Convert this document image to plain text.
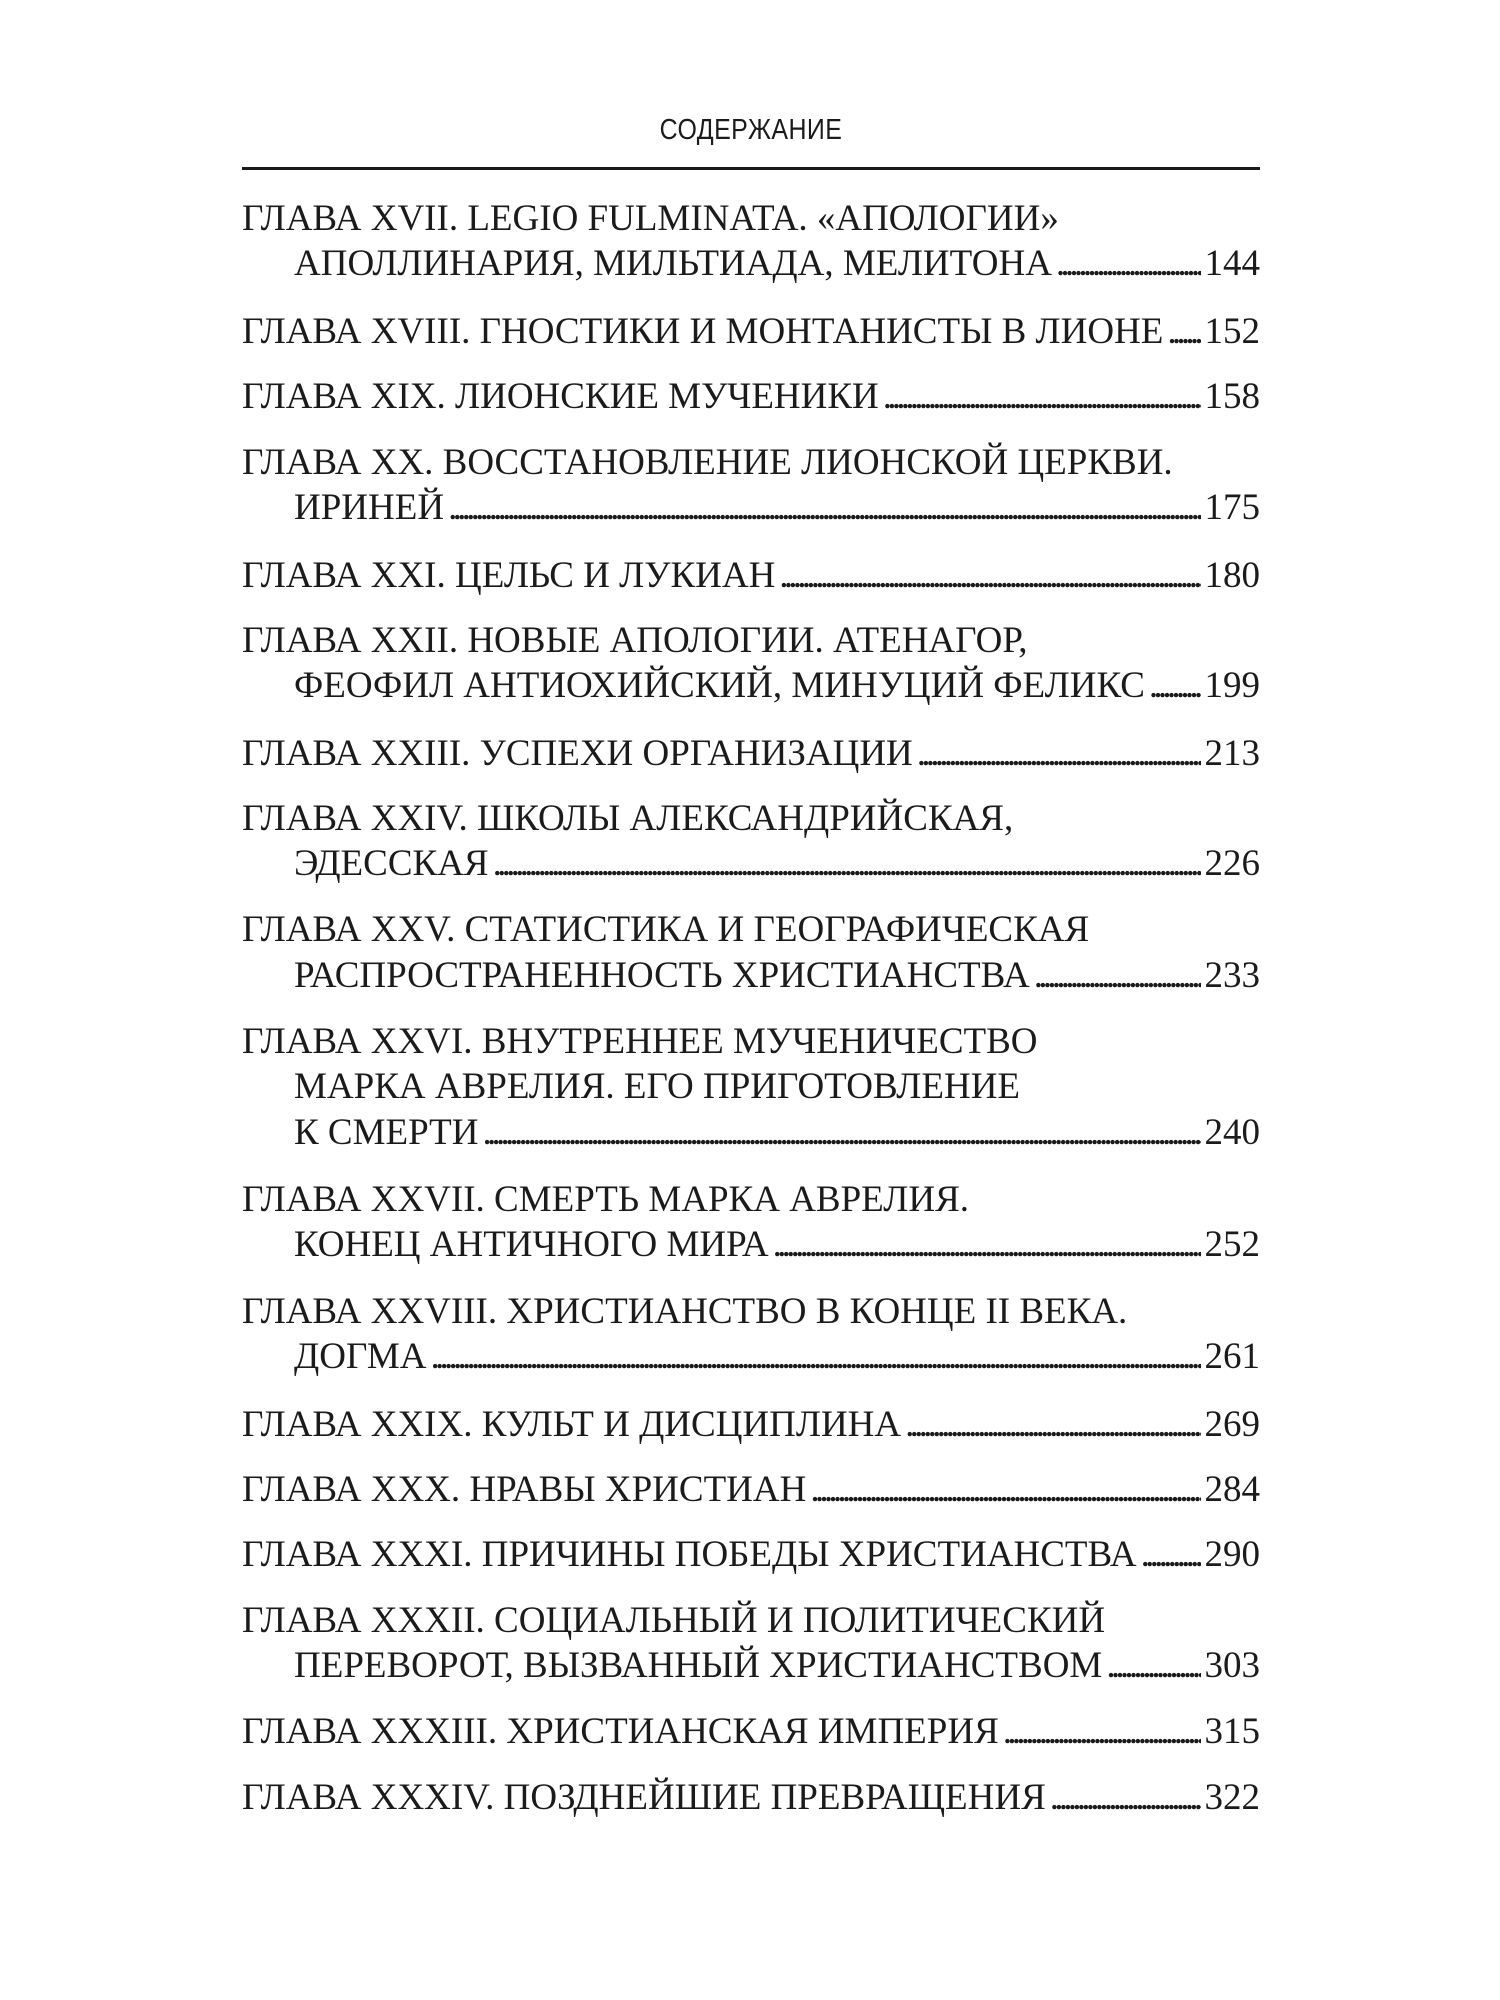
СОДЕРЖАНИЕ
ГЛАВА XVII. LEGIO FULMINATA. «АПОЛОГИИ»
АПОЛЛИНАРИЯ, МИЛЬТИАДА, МЕЛИТОНА . . .	144
ГЛАВА XVIII. ГНОСТИКИ И МОНТАНИСТЫ В ЛИОНЕ . . . 152
ГЛАВА XIX. ЛИОНСКИЕ МУЧЕНИКИ . . .	158
ГЛАВА XX. ВОССТАНОВЛЕНИЕ ЛИОНСКОЙ ЦЕРКВИ.
ИРИНЕЙ . . .	175
ГЛАВА XXI. ЦЕЛЬС И ЛУКИАН . . .	180
ГЛАВА XXII. НОВЫЕ АПОЛОГИИ. АТЕНАГОР,
ФЕОФИЛ АНТИОХИЙСКИЙ, МИНУЦИЙ ФЕЛИКС . . . 199
ГЛАВА XXIII. УСПЕХИ ОРГАНИЗАЦИИ . . .	213
ГЛАВА XXIV. ШКОЛЫ АЛЕКСАНДРИЙСКАЯ,
ЭДЕССКАЯ . . .	226
ГЛАВА XXV. СТАТИСТИКА И ГЕОГРАФИЧЕСКАЯ
РАСПРОСТРАНЕННОСТЬ ХРИСТИАНСТВА . . .	233
ГЛАВА XXVI. ВНУТРЕННЕЕ МУЧЕНИЧЕСТВО
МАРКА АВРЕЛИЯ. ЕГО ПРИГОТОВЛЕНИЕ
К СМЕРТИ . . .	240
ГЛАВА XXVII. СМЕРТЬ МАРКА АВРЕЛИЯ.
КОНЕЦ АНТИЧНОГО МИРА . . .	252
ГЛАВА XXVIII. ХРИСТИАНСТВО В КОНЦЕ II ВЕКА.
ДОГМА . . .	261
ГЛАВА XXIX. КУЛЬТ И ДИСЦИПЛИНА . . .	269
ГЛАВА XXX. НРАВЫ ХРИСТИАН . . .	284
ГЛАВА XXXI. ПРИЧИНЫ ПОБЕДЫ ХРИСТИАНСТВА . . . 290
ГЛАВА XXXII. СОЦИАЛЬНЫЙ И ПОЛИТИЧЕСКИЙ
ПЕРЕВОРОТ, ВЫЗВАННЫЙ ХРИСТИАНСТВОМ . . .	303
ГЛАВА XXXIII. ХРИСТИАНСКАЯ ИМПЕРИЯ . . .	315
ГЛАВА XXXIV. ПОЗДНЕЙШИЕ ПРЕВРАЩЕНИЯ . . .	322
